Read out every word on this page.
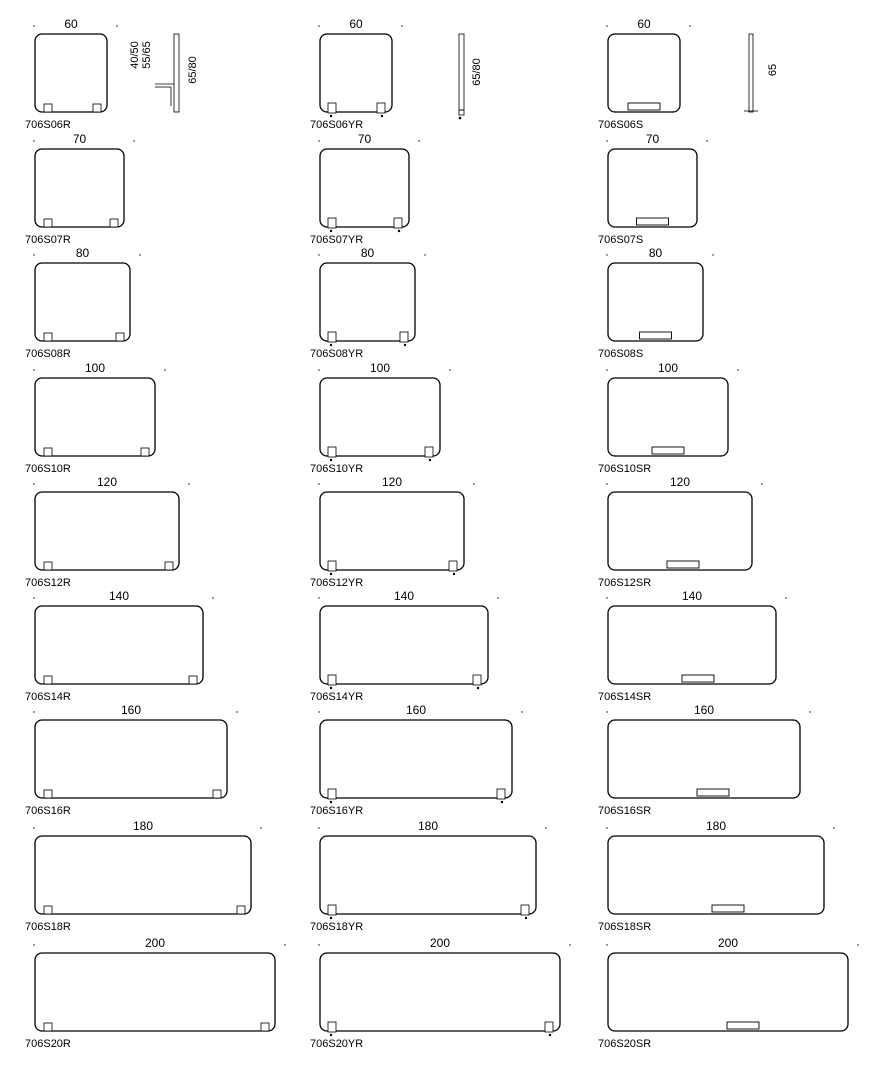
40/50 55/65
65/80	65/80	65
60
706S06R
60
706S06YR
60
706S06S
70
706S07R
70
706S07YR
70
706S07S
80
706S08R
80
706S08YR
80
706S08S
100
706S10R
100
706S10YR
100
706S10SR
120
706S12R
120
706S12YR
120
706S12SR
140
706S14R
140
706S14YR
140
706S14SR
160
706S16R
160
706S16YR
160
706S16SR
180
706S18R
180
706S18YR
180
706S18SR
200
706S20R
200
706S20YR
200
706S20SR
